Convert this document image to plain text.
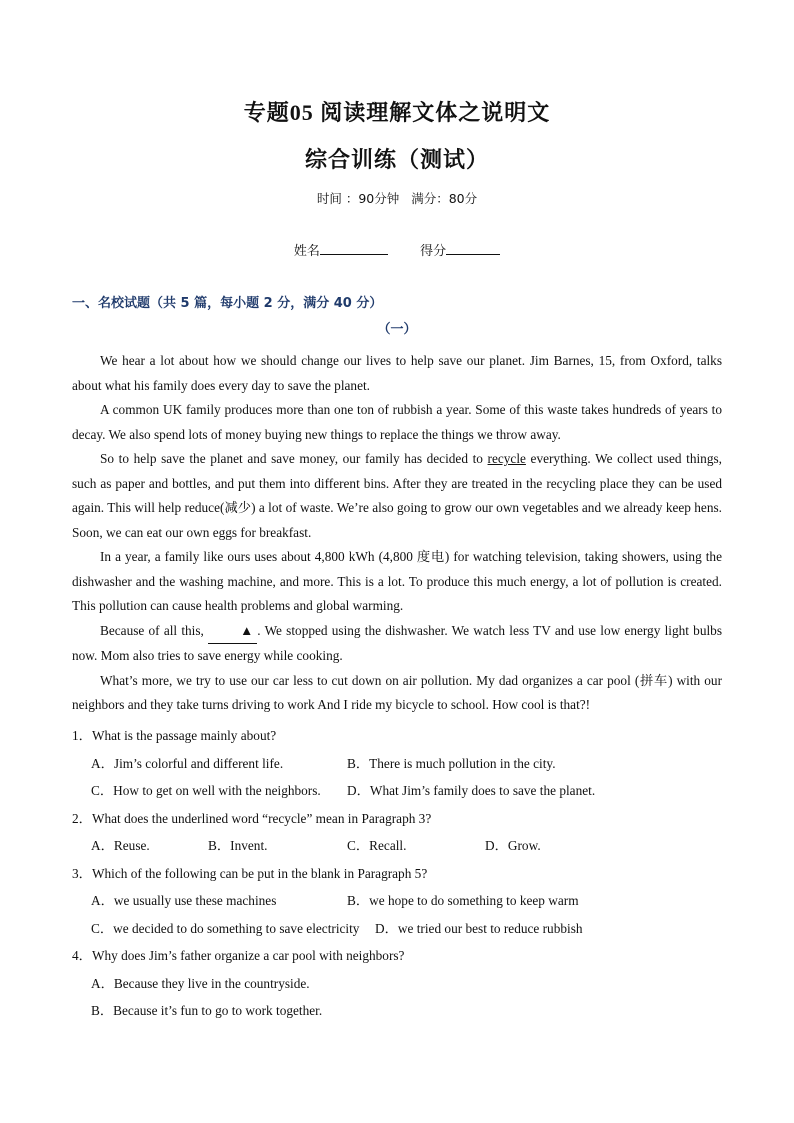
专题05 阅读理解文体之说明文
综合训练（测试）
时间 ：90分钟 满分：80分
姓名	得分
一、名校试题（共 5 篇，每小题 2 分，满分 40 分）
（一）

We hear a lot about how we should change our lives to help save our planet. Jim Barnes, 15, from Oxford, talks about what his family does every day to save the planet.

A common UK family produces more than one ton of rubbish a year. Some of this waste takes hundreds of years to decay. We also spend lots of money buying new things to replace the things we throw away.

So to help save the planet and save money, our family has decided to recycle everything. We collect used things, such as paper and bottles, and put them into different bins. After they are treated in the recycling place they can be used again. This will help reduce(减少) a lot of waste. We’re also going to grow our own vegetables and we already keep hens. Soon, we can eat our own eggs for breakfast.

In a year, a family like ours uses about 4,800 kWh (4,800 度电) for watching television, taking showers, using the dishwasher and the washing machine, and more. This is a lot. To produce this much energy, a lot of pollution is created. This pollution can cause health problems and global warming.

Because of all this, ▲ . We stopped using the dishwasher. We watch less TV and use low energy light bulbs now. Mom also tries to save energy while cooking.

What’s more, we try to use our car less to cut down on air pollution. My dad organizes a car pool (拼车) with our neighbors and they take turns driving to work And I ride my bicycle to school. How cool is that?!

1．What is the passage mainly about?
A．Jim’s colorful and different life.	B．There is much pollution in the city.
C．How to get on well with the neighbors. D．What Jim’s family does to save the planet.
2．What does the underlined word “recycle” mean in Paragraph 3?
A．Reuse.	B．Invent.	C．Recall.	D．Grow.
3．Which of the following can be put in the blank in Paragraph 5?
A．we usually use these machines	B．we hope to do something to keep warm
C．we decided to do something to save electricity D．we tried our best to reduce rubbish
4．Why does Jim’s father organize a car pool with neighbors?
A．Because they live in the countryside.
B．Because it’s fun to go to work together.
